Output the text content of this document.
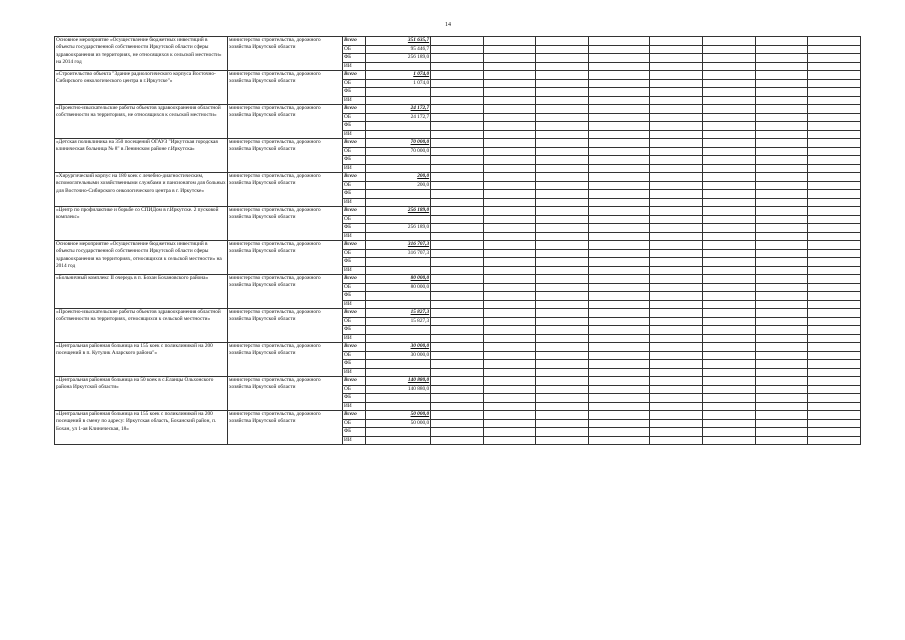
14
Основное мероприятие «Осуществление бюджетных инвестиций в объекты государственной собственности Иркутской области сферы здравоохранения из территориях, не относящихся к сельской местности» на 2014 год	министерство строительства, дорожного хозяйства Иркутской области	Всего	351 635,7								
		ОБ	95 446,7								
		ФБ	256 189,0								
		ИИ									
«Строительство объекта "Здание радиологического корпуса Восточно-Сибирского онкологического центра в г.Иркутске"»	министерство строительства, дорожного хозяйства Иркутской области	Всего	1 074,0								
		ОБ	1 074,0								
		ФБ									
		ИИ									
«Проектно-изыскательские работы объектов здравоохранения областной собственности на территориях, не относящихся к сельской местности»	министерство строительства, дорожного хозяйства Иркутской области	Всего	24 172,7								
		ОБ	24 172,7								
		ФБ									
		ИИ									
«Детская поликлиника на 350 посещений ОГАУЗ "Иркутская городская клиническая больница № 8" в Ленинском районе г.Иркутска»	министерство строительства, дорожного хозяйства Иркутской области	Всего	70 000,0								
		ОБ	70 000,0								
		ФБ									
		ИИ									
«Хирургический корпус на 180 коек с лечебно-диагностическим, вспомогательными хозяйственными службами и пансионатом для больных для Восточно-Сибирского онкологического центра в г. Иркутске»	министерство строительства, дорожного хозяйства Иркутской области	Всего	200,0								
		ОБ	200,0								
		ФБ									
		ИИ									
«Центр по профилактике и борьбе со СПИДом в г.Иркутске. 2 пусковой комплекс»	министерство строительства, дорожного хозяйства Иркутской области	Всего	256 189,0								
		ОБ									
		ФБ	256 189,0								
		ИИ									
Основное мероприятие «Осуществление бюджетных инвестиций в объекты государственной собственности Иркутской области сферы здравоохранения на территориях, относящихся к сельской местности» на 2014 год	министерство строительства, дорожного хозяйства Иркутской области	Всего	316 707,3								
		ОБ	316 707,3								
		ФБ									
		ИИ									
«Больничный комплекс II очередь в п. Бохан Бохановского района»	министерство строительства, дорожного хозяйства Иркутской области	Всего	80 000,0								
		ОБ	80 000,0								
		ФБ									
		ИИ									
«Проектно-изыскательские работы объектов здравоохранения областной собственности на территориях, относящихся к сельской местности»	министерство строительства, дорожного хозяйства Иркутской области	Всего	15 827,3								
		ОБ	15 827,3								
		ФБ									
		ИИ									
«Центральная районная больница на 155 коек с поликлиникой на 200 посещений в п. Кутулик Аларского района"»	министерство строительства, дорожного хозяйства Иркутской области	Всего	30 000,0								
		ОБ	30 000,0								
		ФБ									
		ИИ									
«Центральная районная больница на 50 коек в с.Еланцы Ольхонского района Иркутской области»	министерство строительства, дорожного хозяйства Иркутской области	Всего	140 880,0								
		ОБ	140 880,0								
		ФБ									
		ИИ									
«Центральная районная больница на 155 коек с поликлиникой на 200 посещений в смену по адресу: Иркутская область, Боханский район, п. Бохан, ул 1-ая Клиническая, 18»	министерство строительства, дорожного хозяйства Иркутской области	Всего	50 000,0								
		ОБ	50 000,0								
		ФБ									
		ИИ									
